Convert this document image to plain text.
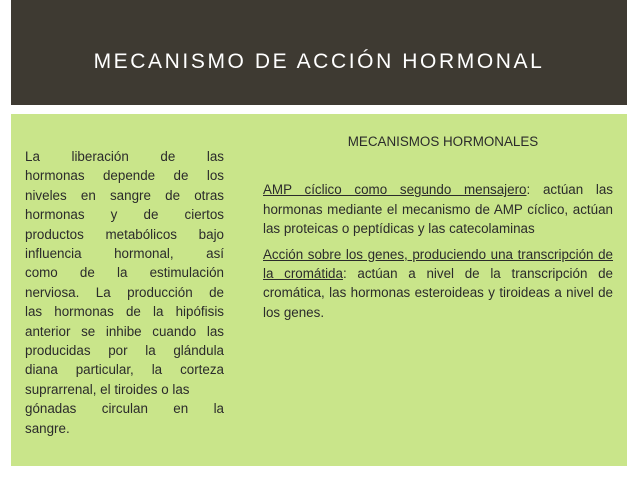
MECANISMO DE ACCIÓN HORMONAL
La liberación de las
hormonas depende de los
niveles en sangre de otras
hormonas y de ciertos
productos metabólicos bajo
influencia hormonal, así
como de la estimulación
nerviosa. La producción de
las hormonas de la hipófisis
anterior se inhibe cuando las
producidas por la glándula
diana particular, la corteza
suprarrenal, el tiroides o las
gónadas circulan en la
sangre.
MECANISMOS HORMONALES

AMP cíclico como segundo mensajero: actúan las hormonas mediante el mecanismo de AMP cíclico, actúan las proteicas o peptídicas y las catecolaminas

Acción sobre los genes, produciendo una transcripción de la cromátida: actúan a nivel de la transcripción de cromática, las hormonas esteroideas y tiroideas a nivel de los genes.
